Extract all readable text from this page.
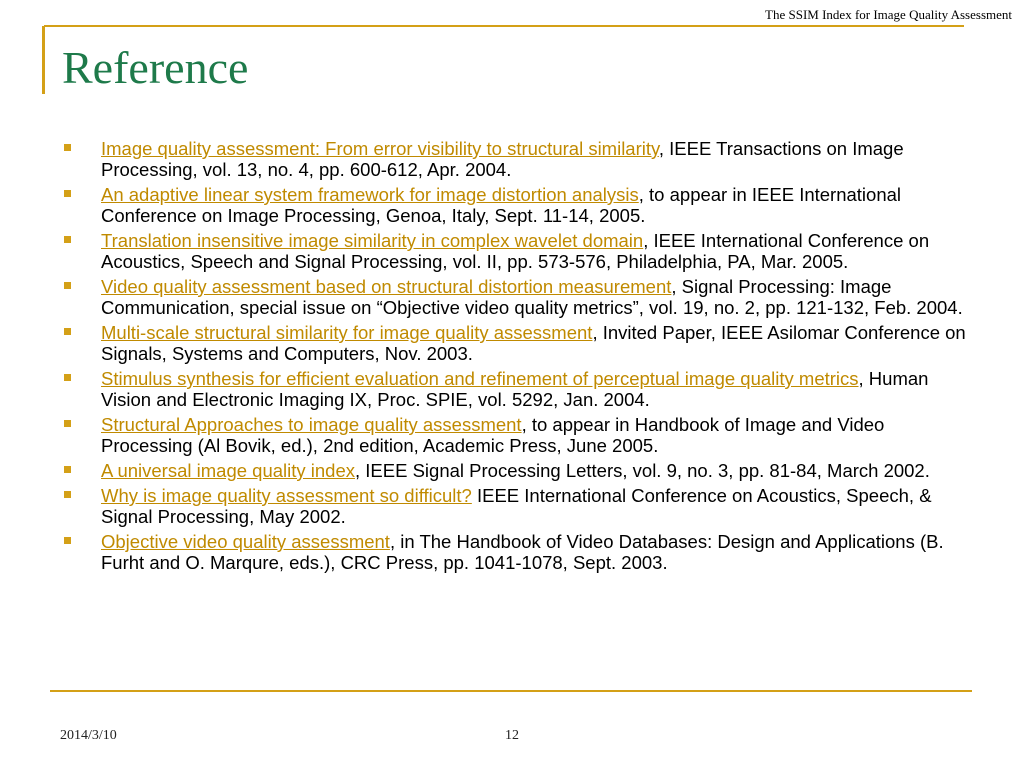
The SSIM Index for Image Quality Assessment
Reference
Image quality assessment: From error visibility to structural similarity, IEEE Transactions on Image Processing, vol. 13, no. 4, pp. 600-612, Apr. 2004.
An adaptive linear system framework for image distortion analysis, to appear in IEEE International Conference on Image Processing, Genoa, Italy, Sept. 11-14, 2005.
Translation insensitive image similarity in complex wavelet domain, IEEE International Conference on Acoustics, Speech and Signal Processing, vol. II, pp. 573-576, Philadelphia, PA, Mar. 2005.
Video quality assessment based on structural distortion measurement, Signal Processing: Image Communication, special issue on “Objective video quality metrics”, vol. 19, no. 2, pp. 121-132, Feb. 2004.
Multi-scale structural similarity for image quality assessment, Invited Paper, IEEE Asilomar Conference on Signals, Systems and Computers, Nov. 2003.
Stimulus synthesis for efficient evaluation and refinement of perceptual image quality metrics, Human Vision and Electronic Imaging IX, Proc. SPIE, vol. 5292, Jan. 2004.
Structural Approaches to image quality assessment, to appear in Handbook of Image and Video Processing (Al Bovik, ed.), 2nd edition, Academic Press, June 2005.
A universal image quality index, IEEE Signal Processing Letters, vol. 9, no. 3, pp. 81-84, March 2002.
Why is image quality assessment so difficult? IEEE International Conference on Acoustics, Speech, & Signal Processing, May 2002.
Objective video quality assessment, in The Handbook of Video Databases: Design and Applications (B. Furht and O. Marqure, eds.), CRC Press, pp. 1041-1078, Sept. 2003.
2014/3/10	12
